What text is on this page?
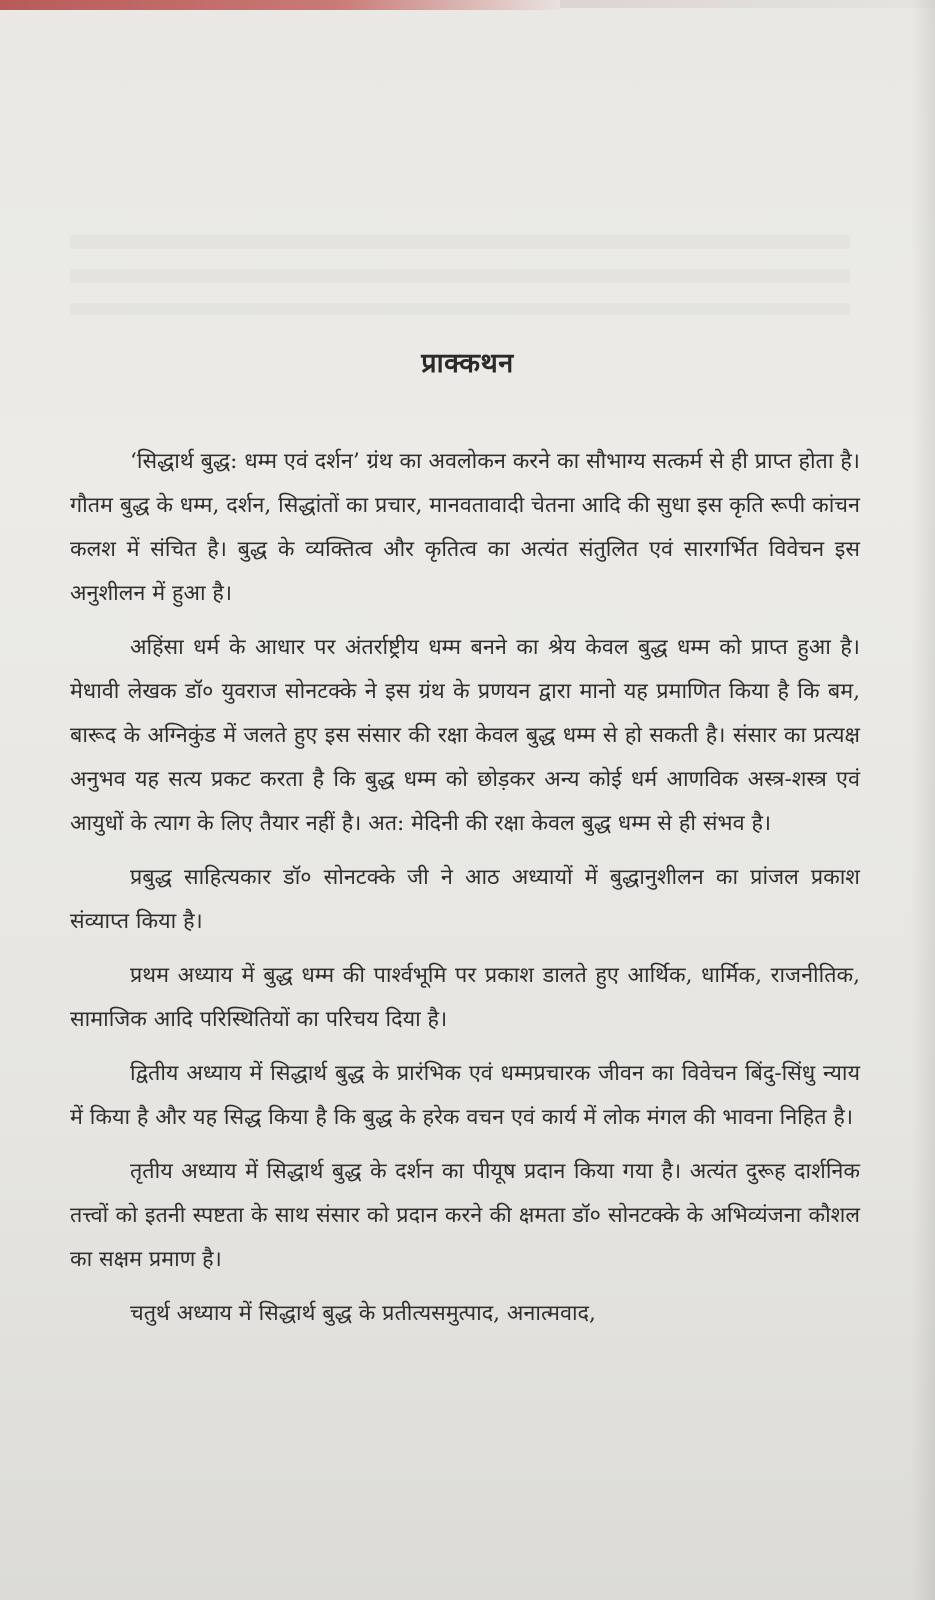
प्राक्कथन

‘सिद्धार्थ बुद्ध: धम्म एवं दर्शन’ ग्रंथ का अवलोकन करने का सौभाग्य सत्कर्म से ही प्राप्त होता है। गौतम बुद्ध के धम्म, दर्शन, सिद्धांतों का प्रचार, मानवतावादी चेतना आदि की सुधा इस कृति रूपी कांचन कलश में संचित है। बुद्ध के व्यक्तित्व और कृतित्व का अत्यंत संतुलित एवं सारगर्भित विवेचन इस अनुशीलन में हुआ है।

अहिंसा धर्म के आधार पर अंतर्राष्ट्रीय धम्म बनने का श्रेय केवल बुद्ध धम्म को प्राप्त हुआ है। मेधावी लेखक डॉ० युवराज सोनटक्के ने इस ग्रंथ के प्रणयन द्वारा मानो यह प्रमाणित किया है कि बम, बारूद के अग्निकुंड में जलते हुए इस संसार की रक्षा केवल बुद्ध धम्म से हो सकती है। संसार का प्रत्यक्ष अनुभव यह सत्य प्रकट करता है कि बुद्ध धम्म को छोड़कर अन्य कोई धर्म आणविक अस्त्र-शस्त्र एवं आयुधों के त्याग के लिए तैयार नहीं है। अत: मेदिनी की रक्षा केवल बुद्ध धम्म से ही संभव है।

प्रबुद्ध साहित्यकार डॉ० सोनटक्के जी ने आठ अध्यायों में बुद्धानुशीलन का प्रांजल प्रकाश संव्याप्त किया है।

प्रथम अध्याय में बुद्ध धम्म की पार्श्वभूमि पर प्रकाश डालते हुए आर्थिक, धार्मिक, राजनीतिक, सामाजिक आदि परिस्थितियों का परिचय दिया है।

द्वितीय अध्याय में सिद्धार्थ बुद्ध के प्रारंभिक एवं धम्मप्रचारक जीवन का विवेचन बिंदु-सिंधु न्याय में किया है और यह सिद्ध किया है कि बुद्ध के हरेक वचन एवं कार्य में लोक मंगल की भावना निहित है।

तृतीय अध्याय में सिद्धार्थ बुद्ध के दर्शन का पीयूष प्रदान किया गया है। अत्यंत दुरूह दार्शनिक तत्त्वों को इतनी स्पष्टता के साथ संसार को प्रदान करने की क्षमता डॉ० सोनटक्के के अभिव्यंजना कौशल का सक्षम प्रमाण है।

चतुर्थ अध्याय में सिद्धार्थ बुद्ध के प्रतीत्यसमुत्पाद, अनात्मवाद,
